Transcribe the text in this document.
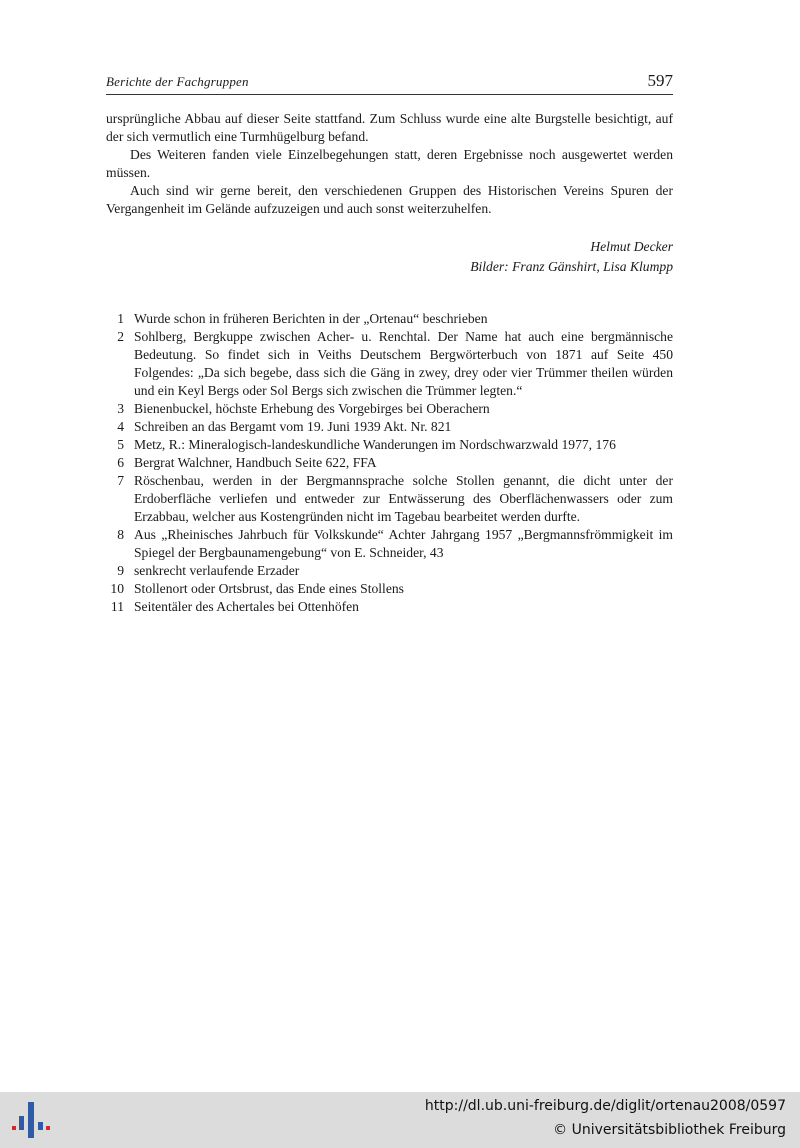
Berichte der Fachgruppen	597

ursprüngliche Abbau auf dieser Seite stattfand. Zum Schluss wurde eine alte Burgstelle besichtigt, auf der sich vermutlich eine Turmhügelburg befand.

Des Weiteren fanden viele Einzelbegehungen statt, deren Ergebnisse noch ausgewertet werden müssen.

Auch sind wir gerne bereit, den verschiedenen Gruppen des Historischen Vereins Spuren der Vergangenheit im Gelände aufzuzeigen und auch sonst weiterzuhelfen.

Helmut Decker
Bilder: Franz Gänshirt, Lisa Klumpp
1 Wurde schon in früheren Berichten in der „Ortenau“ beschrieben
2 Sohlberg, Bergkuppe zwischen Acher- u. Renchtal. Der Name hat auch eine bergmännische Bedeutung. So findet sich in Veiths Deutschem Bergwörterbuch von 1871 auf Seite 450 Folgendes: „Da sich begebe, dass sich die Gäng in zwey, drey oder vier Trümmer theilen würden und ein Keyl Bergs oder Sol Bergs sich zwischen die Trümmer legten.“
3 Bienenbuckel, höchste Erhebung des Vorgebirges bei Oberachern
4 Schreiben an das Bergamt vom 19. Juni 1939 Akt. Nr. 821
5 Metz, R.: Mineralogisch-landeskundliche Wanderungen im Nordschwarzwald 1977, 176
6 Bergrat Walchner, Handbuch Seite 622, FFA
7 Röschenbau, werden in der Bergmannsprache solche Stollen genannt, die dicht unter der Erdoberfläche verliefen und entweder zur Entwässerung des Oberflächenwassers oder zum Erzabbau, welcher aus Kostengründen nicht im Tagebau bearbeitet werden durfte.
8 Aus „Rheinisches Jahrbuch für Volkskunde“ Achter Jahrgang 1957 „Bergmannsfrömmigkeit im Spiegel der Bergbaunamengebung“ von E. Schneider, 43
9 senkrecht verlaufende Erzader
10 Stollenort oder Ortsbrust, das Ende eines Stollens
11 Seitentäler des Achertales bei Ottenhöfen
http://dl.ub.uni-freiburg.de/diglit/ortenau2008/0597
© Universitätsbibliothek Freiburg
